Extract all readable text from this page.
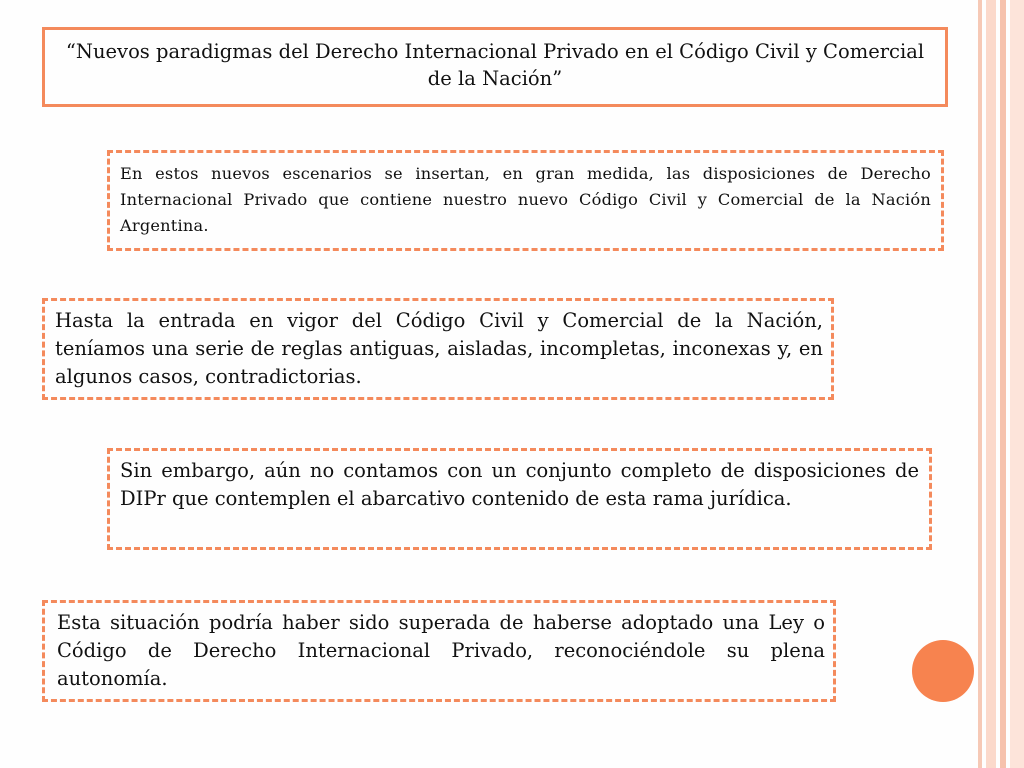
“Nuevos paradigmas del Derecho Internacional Privado en el Código Civil y Comercial de la Nación”
En estos nuevos escenarios se insertan, en gran medida, las disposiciones de Derecho Internacional Privado que contiene nuestro nuevo Código Civil y Comercial de la Nación Argentina.
Hasta la entrada en vigor del Código Civil y Comercial de la Nación, teníamos una serie de reglas antiguas, aisladas, incompletas, inconexas y, en algunos casos, contradictorias.
Sin embargo, aún no contamos con un conjunto completo de disposiciones de DIPr que contemplen el abarcativo contenido de esta rama jurídica.
Esta situación podría haber sido superada de haberse adoptado una Ley o Código de Derecho Internacional Privado, reconociéndole su plena autonomía.
